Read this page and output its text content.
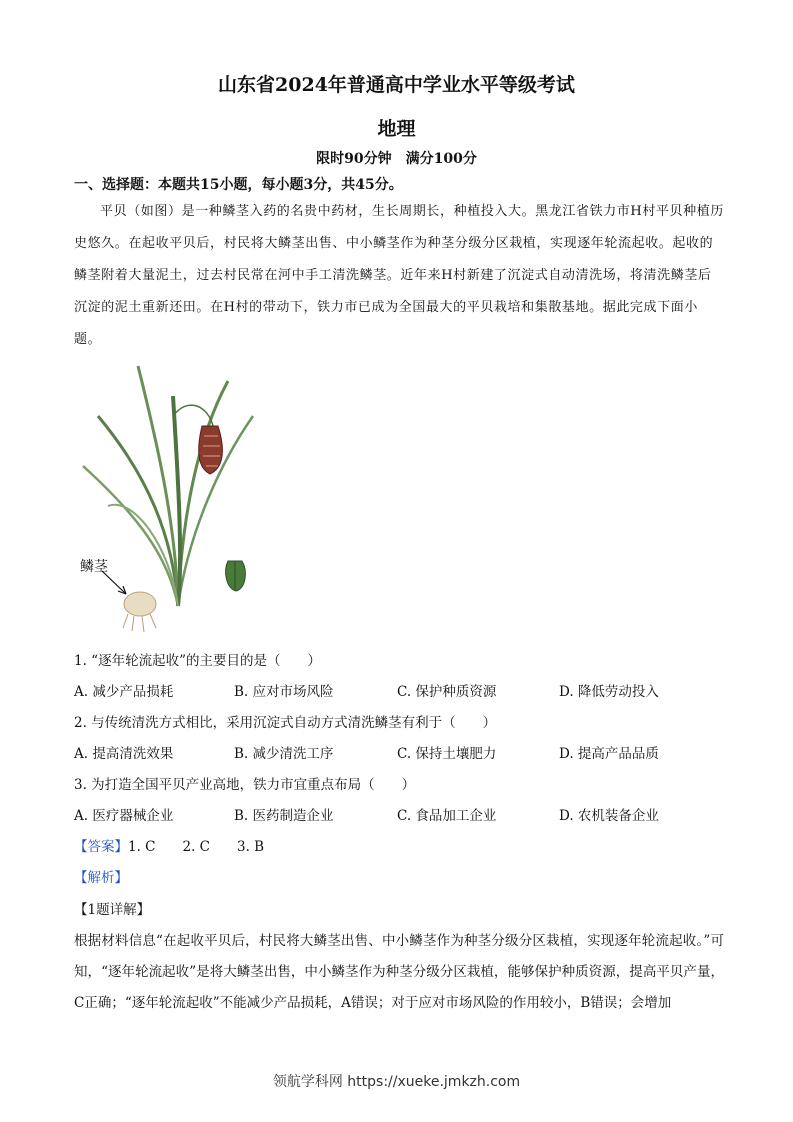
山东省2024年普通高中学业水平等级考试
地理
限时90分钟　满分100分
一、选择题：本题共15小题，每小题3分，共45分。
平贝（如图）是一种鳞茎入药的名贵中药材，生长周期长，种植投入大。黑龙江省铁力市H村平贝种植历史悠久。在起收平贝后，村民将大鳞茎出售、中小鳞茎作为种茎分级分区栽植，实现逐年轮流起收。起收的鳞茎附着大量泥土，过去村民常在河中手工清洗鳞茎。近年来H村新建了沉淀式自动清洗场，将清洗鳞茎后沉淀的泥土重新还田。在H村的带动下，铁力市已成为全国最大的平贝栽培和集散基地。据此完成下面小题。
鳞茎
1. “逐年轮流起收”的主要目的是（　　）
A. 减少产品损耗	B. 应对市场风险	C. 保护种质资源	D. 降低劳动投入
2. 与传统清洗方式相比，采用沉淀式自动方式清洗鳞茎有利于（　　）
A. 提高清洗效果	B. 减少清洗工序	C. 保持土壤肥力	D. 提高产品品质
3. 为打造全国平贝产业高地，铁力市宜重点布局（　　）
A. 医疗器械企业	B. 医药制造企业	C. 食品加工企业	D. 农机装备企业
【答案】1. C　　2. C　　3. B
【解析】
【1题详解】
根据材料信息“在起收平贝后，村民将大鳞茎出售、中小鳞茎作为种茎分级分区栽植，实现逐年轮流起收。”可知，“逐年轮流起收”是将大鳞茎出售，中小鳞茎作为种茎分级分区栽植，能够保护种质资源，提高平贝产量，C正确；“逐年轮流起收”不能减少产品损耗，A错误；对于应对市场风险的作用较小，B错误；会增加
领航学科网 https://xueke.jmkzh.com
